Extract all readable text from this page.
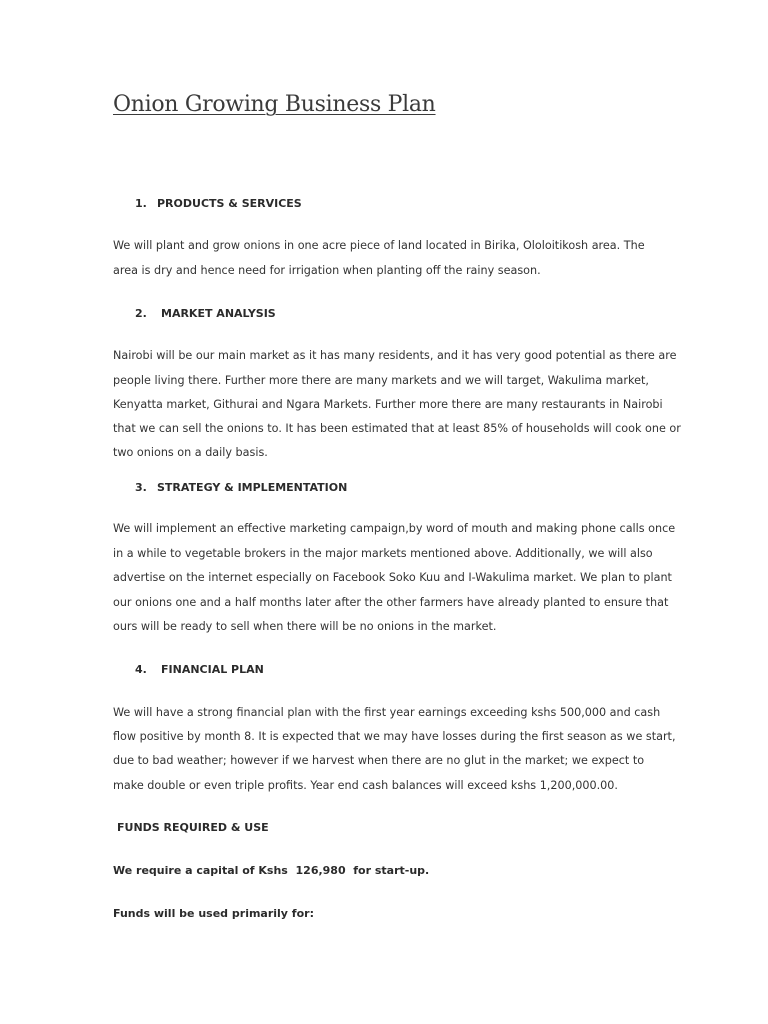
Onion Growing Business Plan
1. PRODUCTS & SERVICES
We will plant and grow onions in one acre piece of land located in Birika, Ololoitikosh area. The
area is dry and hence need for irrigation when planting off the rainy season.
2. MARKET ANALYSIS
Nairobi will be our main market as it has many residents, and it has very good potential as there are
people living there. Further more there are many markets and we will target, Wakulima market,
Kenyatta market, Githurai and Ngara Markets. Further more there are many restaurants in Nairobi
that we can sell the onions to. It has been estimated that at least 85% of households will cook one or
two onions on a daily basis.
3. STRATEGY & IMPLEMENTATION
We will implement an effective marketing campaign,by word of mouth and making phone calls once
in a while to vegetable brokers in the major markets mentioned above. Additionally, we will also
advertise on the internet especially on Facebook Soko Kuu and I-Wakulima market. We plan to plant
our onions one and a half months later after the other farmers have already planted to ensure that
ours will be ready to sell when there will be no onions in the market.
4. FINANCIAL PLAN
We will have a strong financial plan with the first year earnings exceeding kshs 500,000 and cash
flow positive by month 8. It is expected that we may have losses during the first season as we start,
due to bad weather; however if we harvest when there are no glut in the market; we expect to
make double or even triple profits. Year end cash balances will exceed kshs 1,200,000.00.
FUNDS REQUIRED & USE
We require a capital of Kshs  126,980  for start-up.
Funds will be used primarily for:
